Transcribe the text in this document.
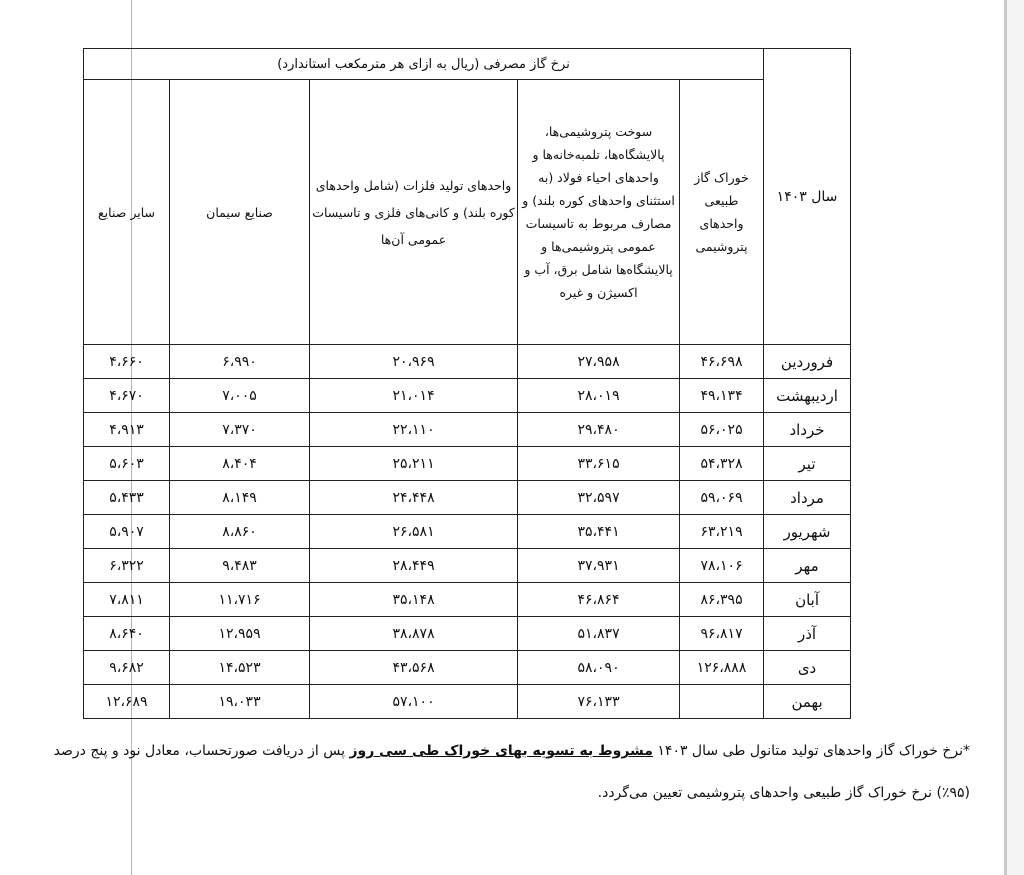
سال ۱۴۰۳	نرخ گاز مصرفی (ریال به ازای هر مترمکعب استاندارد)				
	خوراک گاز طبیعی واحدهای پتروشیمی	سوخت پتروشیمی‌ها، پالایشگاه‌ها، تلمبه‌خانه‌ها و واحدهای احیاء فولاد (به استثنای واحدهای کوره بلند) و مصارف مربوط به تاسیسات عمومی پتروشیمی‌ها و پالایشگاه‌ها شامل برق، آب و اکسیژن و غیره	واحدهای تولید فلزات (شامل واحدهای کوره بلند) و کانی‌های فلزی و تاسیسات عمومی آن‌ها	صنایع سیمان	سایر صنایع
فروردین	۴۶،۶۹۸	۲۷،۹۵۸	۲۰،۹۶۹	۶،۹۹۰	۴،۶۶۰
اردیبهشت	۴۹،۱۳۴	۲۸،۰۱۹	۲۱،۰۱۴	۷،۰۰۵	۴،۶۷۰
خرداد	۵۶،۰۲۵	۲۹،۴۸۰	۲۲،۱۱۰	۷،۳۷۰	۴،۹۱۳
تیر	۵۴،۳۲۸	۳۳،۶۱۵	۲۵،۲۱۱	۸،۴۰۴	۵،۶۰۳
مرداد	۵۹،۰۶۹	۳۲،۵۹۷	۲۴،۴۴۸	۸،۱۴۹	۵،۴۳۳
شهریور	۶۳،۲۱۹	۳۵،۴۴۱	۲۶،۵۸۱	۸،۸۶۰	۵،۹۰۷
مهر	۷۸،۱۰۶	۳۷،۹۳۱	۲۸،۴۴۹	۹،۴۸۳	۶،۳۲۲
آبان	۸۶،۳۹۵	۴۶،۸۶۴	۳۵،۱۴۸	۱۱،۷۱۶	۷،۸۱۱
آذر	۹۶،۸۱۷	۵۱،۸۳۷	۳۸،۸۷۸	۱۲،۹۵۹	۸،۶۴۰
دی	۱۲۶،۸۸۸	۵۸،۰۹۰	۴۳،۵۶۸	۱۴،۵۲۳	۹،۶۸۲
بهمن		۷۶،۱۳۳	۵۷،۱۰۰	۱۹،۰۳۳	۱۲،۶۸۹
*نرخ خوراک گاز واحدهای تولید متانول طی سال ۱۴۰۳ مشروط به تسویه بهای خوراک طی سی روز پس از دریافت صورتحساب، معادل نود و پنج درصد (۹۵٪) نرخ خوراک گاز طبیعی واحدهای پتروشیمی تعیین می‌گردد.
